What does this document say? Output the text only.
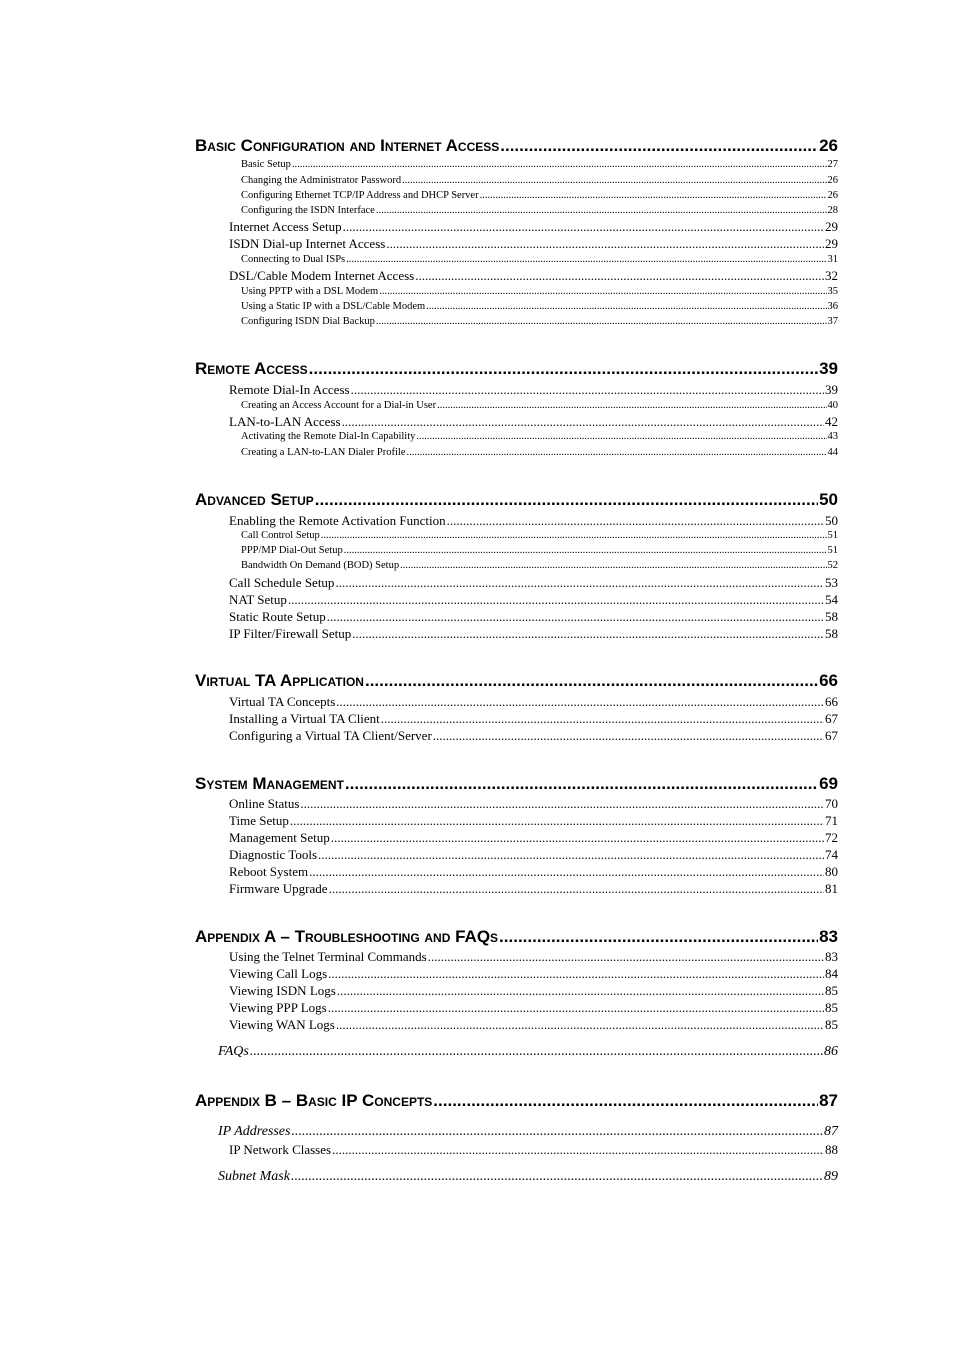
Basic Configuration and Internet Access .....	26
Basic Setup .....	27
Changing the Administrator Password .....	26
Configuring Ethernet TCP/IP Address and DHCP Server .....	26
Configuring the ISDN Interface .....	28
Internet Access Setup .....	29
ISDN Dial-up Internet Access .....	29
Connecting to Dual ISPs .....	31
DSL/Cable Modem Internet Access .....	32
Using PPTP with a DSL Modem .....	35
Using a Static IP with a DSL/Cable Modem .....	36
Configuring ISDN Dial Backup .....	37
Remote Access .....	39
Remote Dial-In Access .....	39
Creating an Access Account for a Dial-in User .....	40
LAN-to-LAN Access .....	42
Activating the Remote Dial-In Capability .....	43
Creating a LAN-to-LAN Dialer Profile .....	44
Advanced Setup .....	50
Enabling the Remote Activation Function .....	50
Call Control Setup .....	51
PPP/MP Dial-Out Setup .....	51
Bandwidth On Demand (BOD) Setup .....	52
Call Schedule Setup .....	53
NAT Setup .....	54
Static Route Setup .....	58
IP Filter/Firewall Setup .....	58
Virtual TA Application .....	66
Virtual TA Concepts .....	66
Installing a Virtual TA Client .....	67
Configuring a Virtual TA Client/Server .....	67
System Management .....	69
Online Status .....	70
Time Setup .....	71
Management Setup .....	72
Diagnostic Tools .....	74
Reboot System .....	80
Firmware Upgrade .....	81
Appendix A – Troubleshooting and FAQs .....	83
Using the Telnet Terminal Commands .....	83
Viewing Call Logs .....	84
Viewing ISDN Logs .....	85
Viewing PPP Logs .....	85
Viewing WAN Logs .....	85
FAQs .....	86
Appendix B – Basic IP Concepts .....	87
IP Addresses .....	87
IP Network Classes .....	88
Subnet Mask .....	89
